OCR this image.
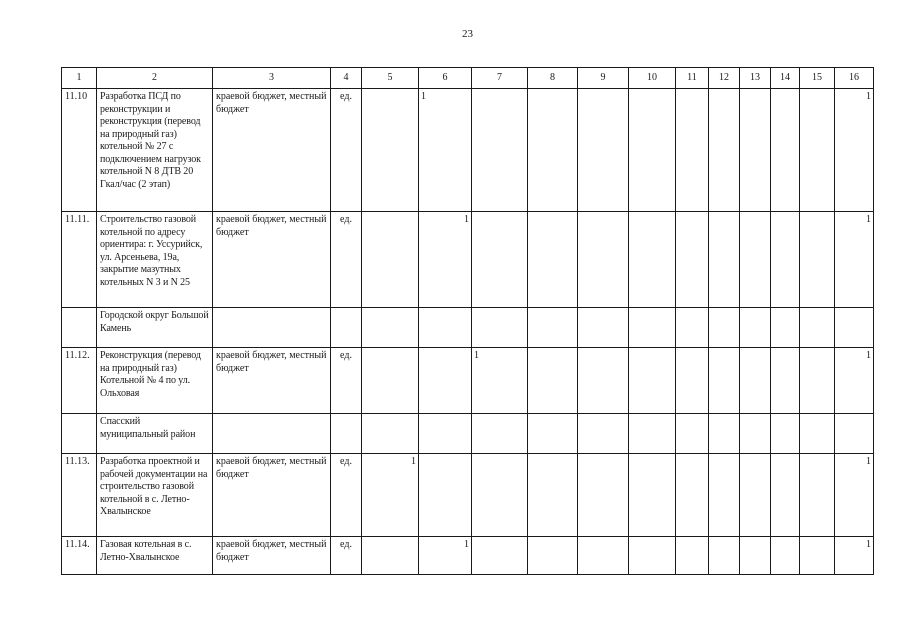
23
1	2	3	4	5	6	7	8	9	10	11	12	13	14	15	16
11.10	Разработка ПСД по реконструкции и реконструкция (перевод на природный газ) котельной № 27 с подключением нагрузок котельной N 8 ДТВ 20 Гкал/час (2 этап)	краевой бюджет, местный бюджет	ед.		1										1
11.11.	Строительство газовой котельной по адресу ориентира: г. Уссурийск, ул. Арсеньева, 19а, закрытие мазутных котельных N 3 и N 25	краевой бюджет, местный бюджет	ед.		1										1
	Городской округ Большой Камень														
11.12.	Реконструкция (перевод на природный газ) Котельной № 4 по ул. Ольховая	краевой бюджет, местный бюджет	ед.			1									1
	Спасский муниципальный район														
11.13.	Разработка проектной и рабочей документации на строительство газовой котельной в с. Летно-Хвалынское	краевой бюджет, местный бюджет	ед.	1											1
11.14.	Газовая котельная в с. Летно-Хвалынское	краевой бюджет, местный бюджет	ед.		1										1
